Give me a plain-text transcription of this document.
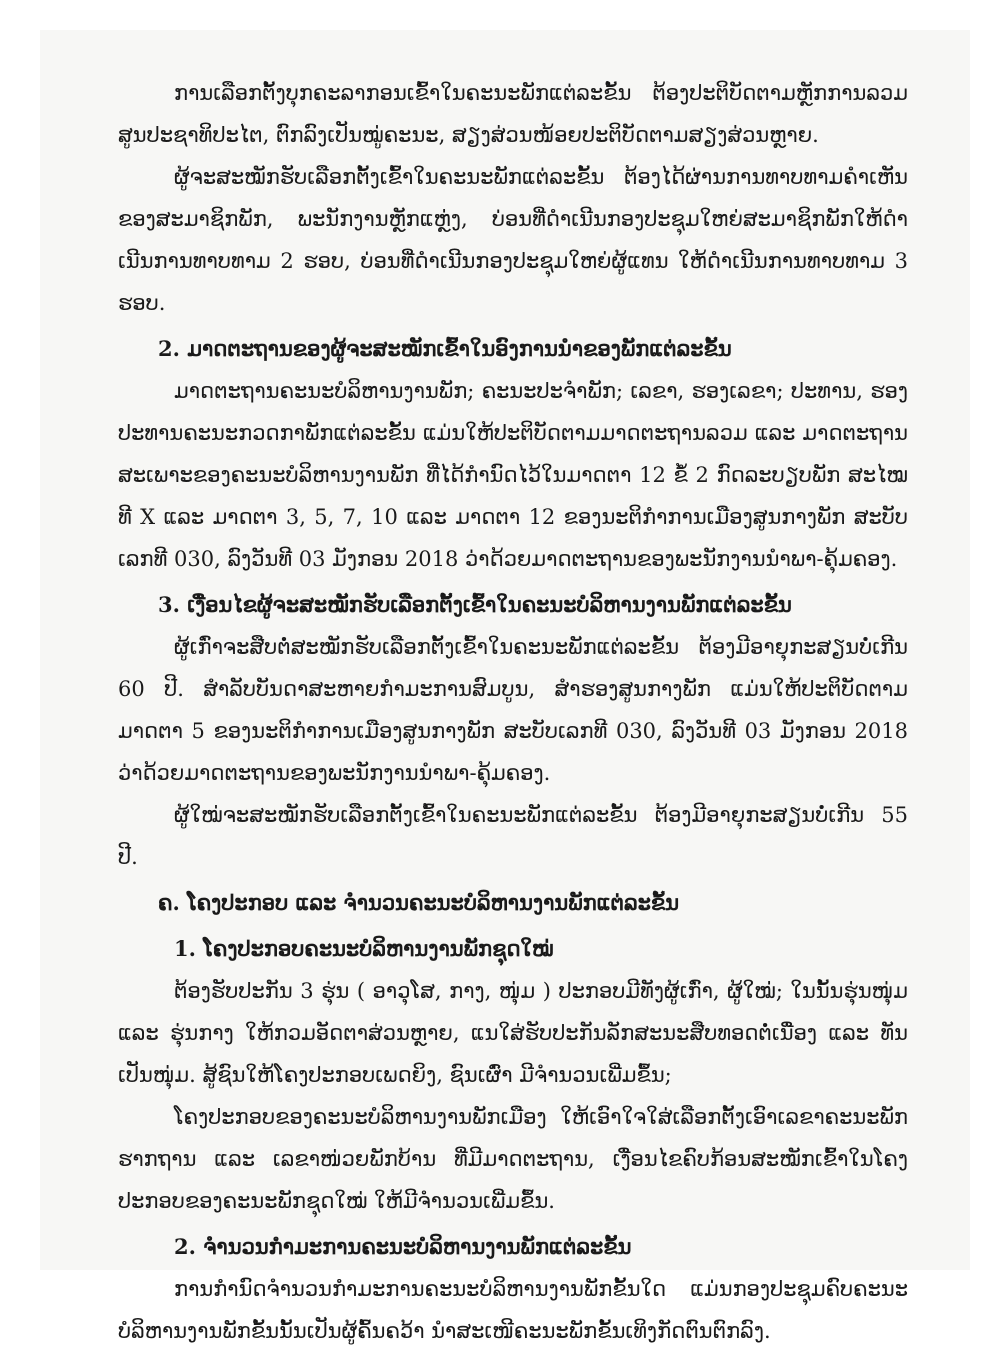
ການເລືອກຕັ້ງບຸກຄະລາກອນເຂົ້າໃນຄະນະພັກແຕ່ລະຂັ້ນ ຕ້ອງປະຕິບັດຕາມຫຼັກການລວມສູນປະຊາທິປະໄຕ, ຕົກລົງເປັນໝູ່ຄະນະ, ສຽງສ່ວນໜ້ອຍປະຕິບັດຕາມສຽງສ່ວນຫຼາຍ.

ຜູ້ຈະສະໝັກຮັບເລືອກຕັ້ງເຂົ້າໃນຄະນະພັກແຕ່ລະຂັ້ນ ຕ້ອງໄດ້ຜ່ານການທາບທາມຄໍາເຫັນຂອງສະມາຊິກພັກ, ພະນັກງານຫຼັກແຫຼ່ງ, ບ່ອນທີ່ດໍາເນີນກອງປະຊຸມໃຫຍ່ສະມາຊິກພັກໃຫ້ດໍາເນີນການທາບທາມ 2 ຮອບ, ບ່ອນທີ່ດໍາເນີນກອງປະຊຸມໃຫຍ່ຜູ້ແທນ ໃຫ້ດໍາເນີນການທາບທາມ 3 ຮອບ.

2. ມາດຕະຖານຂອງຜູ້ຈະສະໝັກເຂົ້າໃນອົງການນໍາຂອງພັກແຕ່ລະຂັ້ນ

ມາດຕະຖານຄະນະບໍລິຫານງານພັກ; ຄະນະປະຈໍາພັກ; ເລຂາ, ຮອງເລຂາ; ປະທານ, ຮອງປະທານຄະນະກວດກາພັກແຕ່ລະຂັ້ນ ແມ່ນໃຫ້ປະຕິບັດຕາມມາດຕະຖານລວມ ແລະ ມາດຕະຖານສະເພາະຂອງຄະນະບໍລິຫານງານພັກ ທີ່ໄດ້ກໍານົດໄວ້ໃນມາດຕາ 12 ຂໍ້ 2 ກົດລະບຽບພັກ ສະໄໝທີ X ແລະ ມາດຕາ 3, 5, 7, 10 ແລະ ມາດຕາ 12 ຂອງນະຕິກໍາການເມືອງສູນກາງພັກ ສະບັບເລກທີ 030, ລົງວັນທີ 03 ມັງກອນ 2018 ວ່າດ້ວຍມາດຕະຖານຂອງພະນັກງານນໍາພາ-ຄຸ້ມຄອງ.

3. ເງື່ອນໄຂຜູ້ຈະສະໝັກຮັບເລືອກຕັ້ງເຂົ້າໃນຄະນະບໍລິຫານງານພັກແຕ່ລະຂັ້ນ

ຜູ້ເກົ່າຈະສືບຕໍ່ສະໝັກຮັບເລືອກຕັ້ງເຂົ້າໃນຄະນະພັກແຕ່ລະຂັ້ນ ຕ້ອງມີອາຍຸກະສຽນບໍ່ເກີນ 60 ປີ. ສໍາລັບບັນດາສະຫາຍກໍາມະການສົມບູນ, ສໍາຮອງສູນກາງພັກ ແມ່ນໃຫ້ປະຕິບັດຕາມມາດຕາ 5 ຂອງນະຕິກໍາການເມືອງສູນກາງພັກ ສະບັບເລກທີ 030, ລົງວັນທີ 03 ມັງກອນ 2018 ວ່າດ້ວຍມາດຕະຖານຂອງພະນັກງານນໍາພາ-ຄຸ້ມຄອງ.

ຜູ້ໃໝ່ຈະສະໝັກຮັບເລືອກຕັ້ງເຂົ້າໃນຄະນະພັກແຕ່ລະຂັ້ນ ຕ້ອງມີອາຍຸກະສຽນບໍ່ເກີນ 55 ປີ.

ຄ. ໂຄງປະກອບ ແລະ ຈໍານວນຄະນະບໍລິຫານງານພັກແຕ່ລະຂັ້ນ
1. ໂຄງປະກອບຄະນະບໍລິຫານງານພັກຊຸດໃໝ່

ຕ້ອງຮັບປະກັນ 3 ຮຸ່ນ ( ອາວຸໂສ, ກາງ, ໜຸ່ມ ) ປະກອບມີທັງຜູ້ເກົ່າ, ຜູ້ໃໝ່; ໃນນັ້ນຮຸ່ນໜຸ່ມ ແລະ ຮຸ່ນກາງ ໃຫ້ກວມອັດຕາສ່ວນຫຼາຍ, ແນໃສ່ຮັບປະກັນລັກສະນະສືບທອດຕໍ່ເນື່ອງ ແລະ ທັນເປັນໜຸ່ມ. ສູ້ຊົນໃຫ້ໂຄງປະກອບເພດຍິງ, ຊົນເຜົ່າ ມີຈໍານວນເພີ່ມຂຶ້ນ;

ໂຄງປະກອບຂອງຄະນະບໍລິຫານງານພັກເມືອງ ໃຫ້ເອົາໃຈໃສ່ເລືອກຕັ້ງເອົາເລຂາຄະນະພັກຮາກຖານ ແລະ ເລຂາໜ່ວຍພັກບ້ານ ທີ່ມີມາດຕະຖານ, ເງື່ອນໄຂຄົບກ້ອນສະໝັກເຂົ້າໃນໂຄງປະກອບຂອງຄະນະພັກຊຸດໃໝ່ ໃຫ້ມີຈໍານວນເພີ່ມຂຶ້ນ.

2. ຈໍານວນກໍາມະການຄະນະບໍລິຫານງານພັກແຕ່ລະຂັ້ນ

ການກໍານົດຈໍານວນກໍາມະການຄະນະບໍລິຫານງານພັກຂັ້ນໃດ ແມ່ນກອງປະຊຸມຄົບຄະນະບໍລິຫານງານພັກຂັ້ນນັ້ນເປັນຜູ້ຄົ້ນຄວ້າ ນໍາສະເໜີຄະນະພັກຂັ້ນເທິງກັດຕົນຕົກລົງ.
